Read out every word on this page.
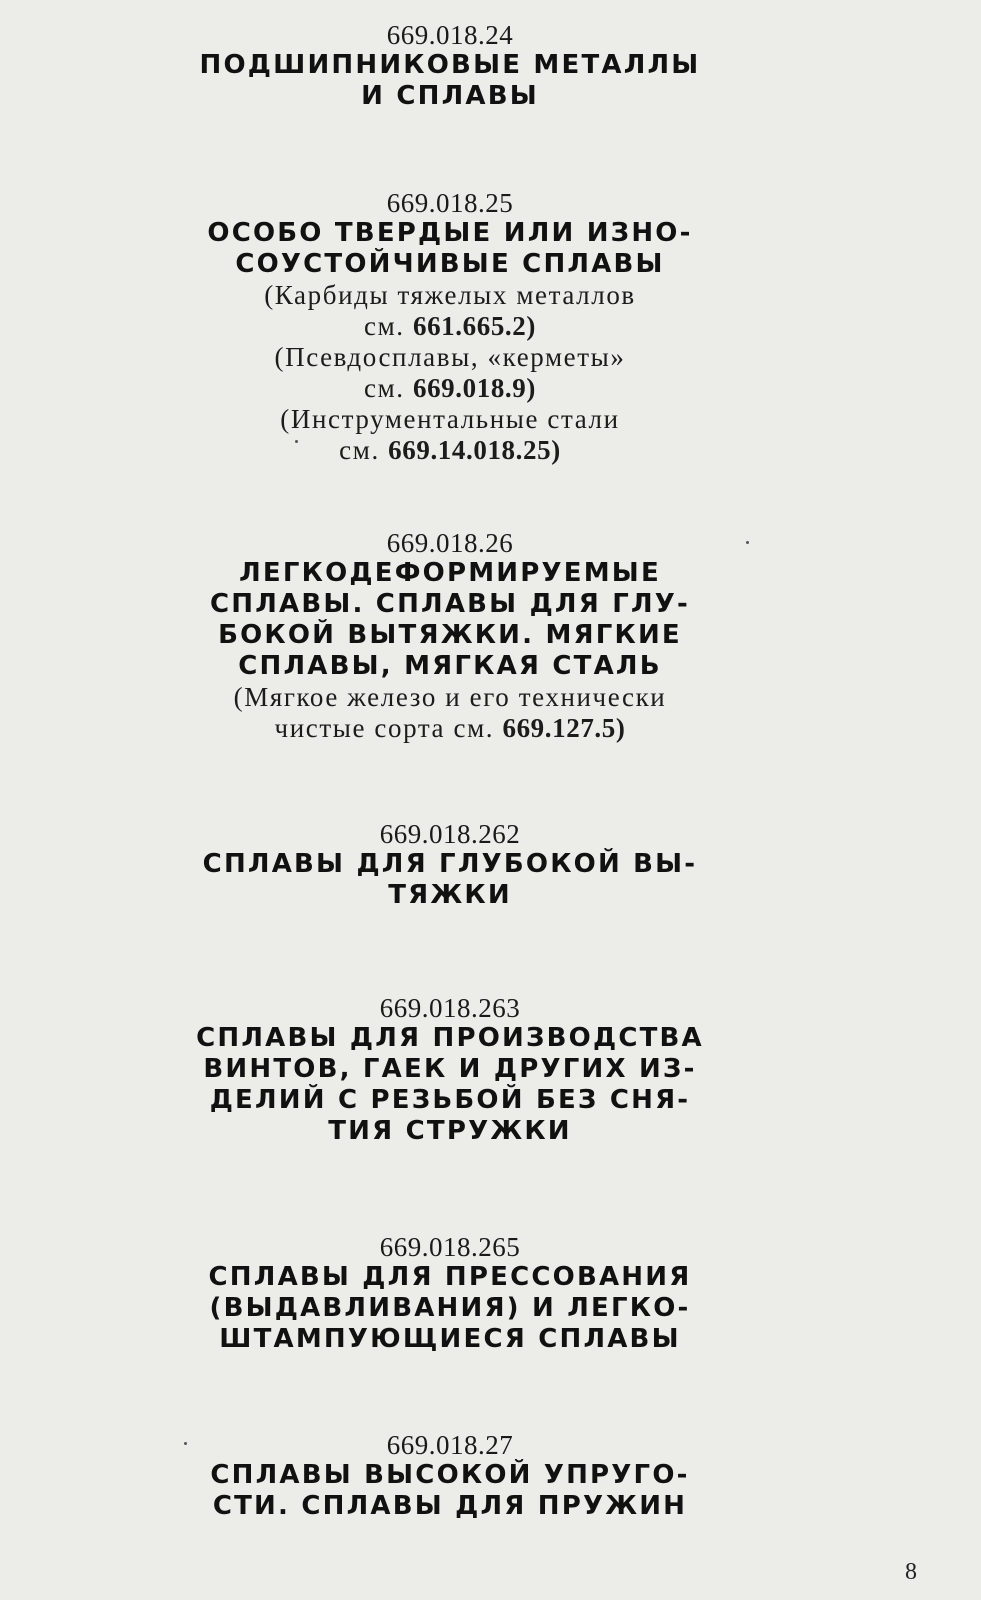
669.018.24
ПОДШИПНИКОВЫЕ МЕТАЛЛЫ
И СПЛАВЫ
669.018.25
ОСОБО ТВЕРДЫЕ ИЛИ ИЗНО-
СОУСТОЙЧИВЫЕ СПЛАВЫ
(Карбиды тяжелых металлов
см. 661.665.2)
(Псевдосплавы, «керметы»
см. 669.018.9)
(Инструментальные стали
см. 669.14.018.25)
669.018.26
ЛЕГКОДЕФОРМИРУЕМЫЕ
СПЛАВЫ. СПЛАВЫ ДЛЯ ГЛУ-
БОКОЙ ВЫТЯЖКИ. МЯГКИЕ
СПЛАВЫ, МЯГКАЯ СТАЛЬ
(Мягкое железо и его технически
чистые сорта см. 669.127.5)
669.018.262
СПЛАВЫ ДЛЯ ГЛУБОКОЙ ВЫ-
ТЯЖКИ
669.018.263
СПЛАВЫ ДЛЯ ПРОИЗВОДСТВА
ВИНТОВ, ГАЕК И ДРУГИХ ИЗ-
ДЕЛИЙ С РЕЗЬБОЙ БЕЗ СНЯ-
ТИЯ СТРУЖКИ
669.018.265
СПЛАВЫ ДЛЯ ПРЕССОВАНИЯ
(ВЫДАВЛИВАНИЯ) И ЛЕГКО-
ШТАМПУЮЩИЕСЯ СПЛАВЫ
669.018.27
СПЛАВЫ ВЫСОКОЙ УПРУГО-
СТИ. СПЛАВЫ ДЛЯ ПРУЖИН
8
